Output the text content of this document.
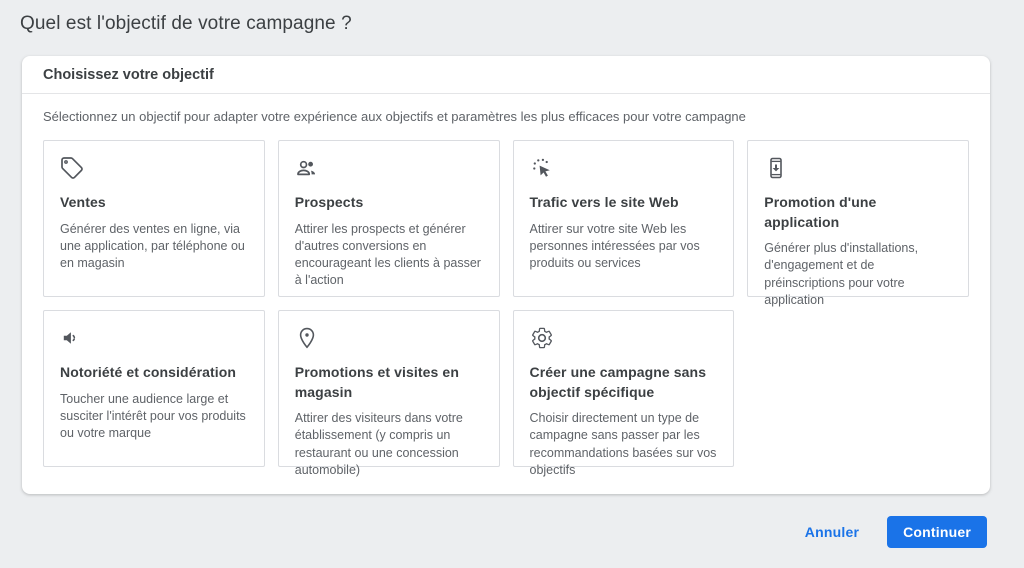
Quel est l'objectif de votre campagne ?
Choisissez votre objectif

Sélectionnez un objectif pour adapter votre expérience aux objectifs et paramètres les plus efficaces pour votre campagne

Ventes
Générer des ventes en ligne, via une application, par téléphone ou en magasin
Prospects
Attirer les prospects et générer d'autres conversions en encourageant les clients à passer à l'action
Trafic vers le site Web
Attirer sur votre site Web les personnes intéressées par vos produits ou services
Promotion d'une application
Générer plus d'installations, d'engagement et de préinscriptions pour votre application
Notoriété et considération
Toucher une audience large et susciter l'intérêt pour vos produits ou votre marque
Promotions et visites en magasin
Attirer des visiteurs dans votre établissement (y compris un restaurant ou une concession automobile)
Créer une campagne sans objectif spécifique
Choisir directement un type de campagne sans passer par les recommandations basées sur vos objectifs
Annuler	Continuer
